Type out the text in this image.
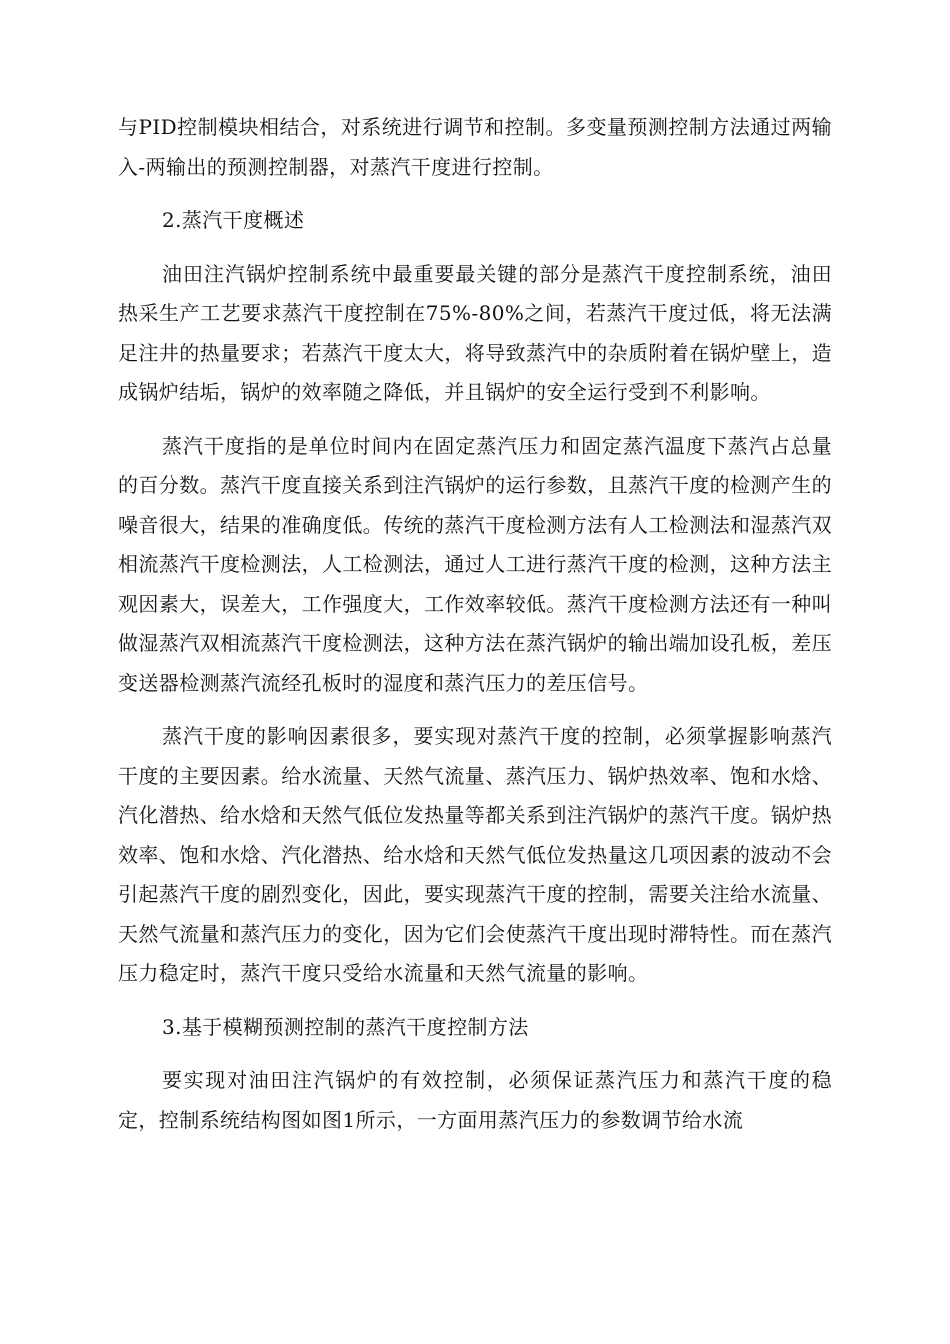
与PID控制模块相结合，对系统进行调节和控制。多变量预测控制方法通过两输入-两输出的预测控制器，对蒸汽干度进行控制。

2.蒸汽干度概述

油田注汽锅炉控制系统中最重要最关键的部分是蒸汽干度控制系统，油田热采生产工艺要求蒸汽干度控制在75%-80%之间，若蒸汽干度过低，将无法满足注井的热量要求；若蒸汽干度太大，将导致蒸汽中的杂质附着在锅炉壁上，造成锅炉结垢，锅炉的效率随之降低，并且锅炉的安全运行受到不利影响。

蒸汽干度指的是单位时间内在固定蒸汽压力和固定蒸汽温度下蒸汽占总量的百分数。蒸汽干度直接关系到注汽锅炉的运行参数，且蒸汽干度的检测产生的噪音很大，结果的准确度低。传统的蒸汽干度检测方法有人工检测法和湿蒸汽双相流蒸汽干度检测法，人工检测法，通过人工进行蒸汽干度的检测，这种方法主观因素大，误差大，工作强度大，工作效率较低。蒸汽干度检测方法还有一种叫做湿蒸汽双相流蒸汽干度检测法，这种方法在蒸汽锅炉的输出端加设孔板，差压变送器检测蒸汽流经孔板时的湿度和蒸汽压力的差压信号。

蒸汽干度的影响因素很多，要实现对蒸汽干度的控制，必须掌握影响蒸汽干度的主要因素。给水流量、天然气流量、蒸汽压力、锅炉热效率、饱和水焓、汽化潜热、给水焓和天然气低位发热量等都关系到注汽锅炉的蒸汽干度。锅炉热效率、饱和水焓、汽化潜热、给水焓和天然气低位发热量这几项因素的波动不会引起蒸汽干度的剧烈变化，因此，要实现蒸汽干度的控制，需要关注给水流量、天然气流量和蒸汽压力的变化，因为它们会使蒸汽干度出现时滞特性。而在蒸汽压力稳定时，蒸汽干度只受给水流量和天然气流量的影响。

3.基于模糊预测控制的蒸汽干度控制方法

要实现对油田注汽锅炉的有效控制，必须保证蒸汽压力和蒸汽干度的稳定，控制系统结构图如图1所示，一方面用蒸汽压力的参数调节给水流
